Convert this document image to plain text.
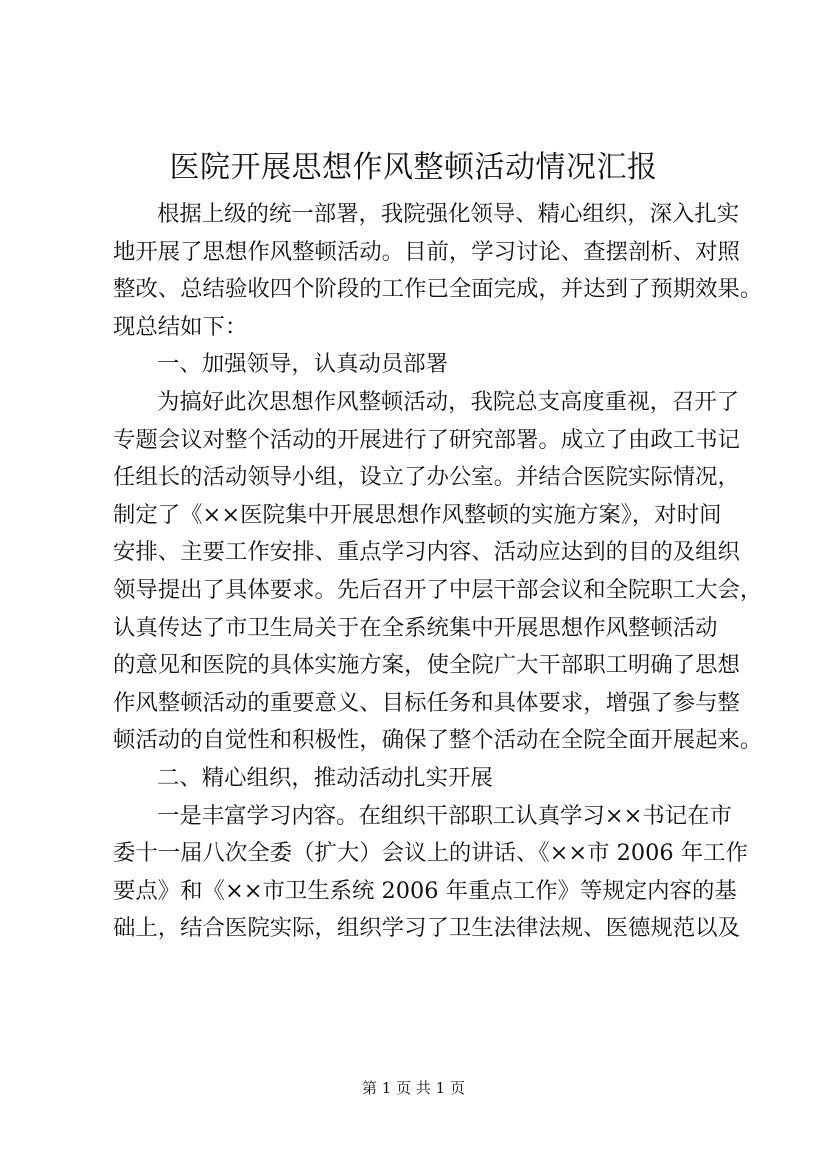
医院开展思想作风整顿活动情况汇报
根据上级的统一部署，我院强化领导、精心组织，深入扎实
地开展了思想作风整顿活动。目前，学习讨论、查摆剖析、对照
整改、总结验收四个阶段的工作已全面完成，并达到了预期效果。
现总结如下：
一、加强领导，认真动员部署
为搞好此次思想作风整顿活动，我院总支高度重视，召开了
专题会议对整个活动的开展进行了研究部署。成立了由政工书记
任组长的活动领导小组，设立了办公室。并结合医院实际情况，
制定了《××医院集中开展思想作风整顿的实施方案》，对时间
安排、主要工作安排、重点学习内容、活动应达到的目的及组织
领导提出了具体要求。先后召开了中层干部会议和全院职工大会，
认真传达了市卫生局关于在全系统集中开展思想作风整顿活动
的意见和医院的具体实施方案，使全院广大干部职工明确了思想
作风整顿活动的重要意义、目标任务和具体要求，增强了参与整
顿活动的自觉性和积极性，确保了整个活动在全院全面开展起来。
二、精心组织，推动活动扎实开展
一是丰富学习内容。在组织干部职工认真学习××书记在市
委十一届八次全委（扩大）会议上的讲话、《××市 2006 年工作
要点》和《××市卫生系统 2006 年重点工作》等规定内容的基
础上，结合医院实际，组织学习了卫生法律法规、医德规范以及
第 1 页 共 1 页
